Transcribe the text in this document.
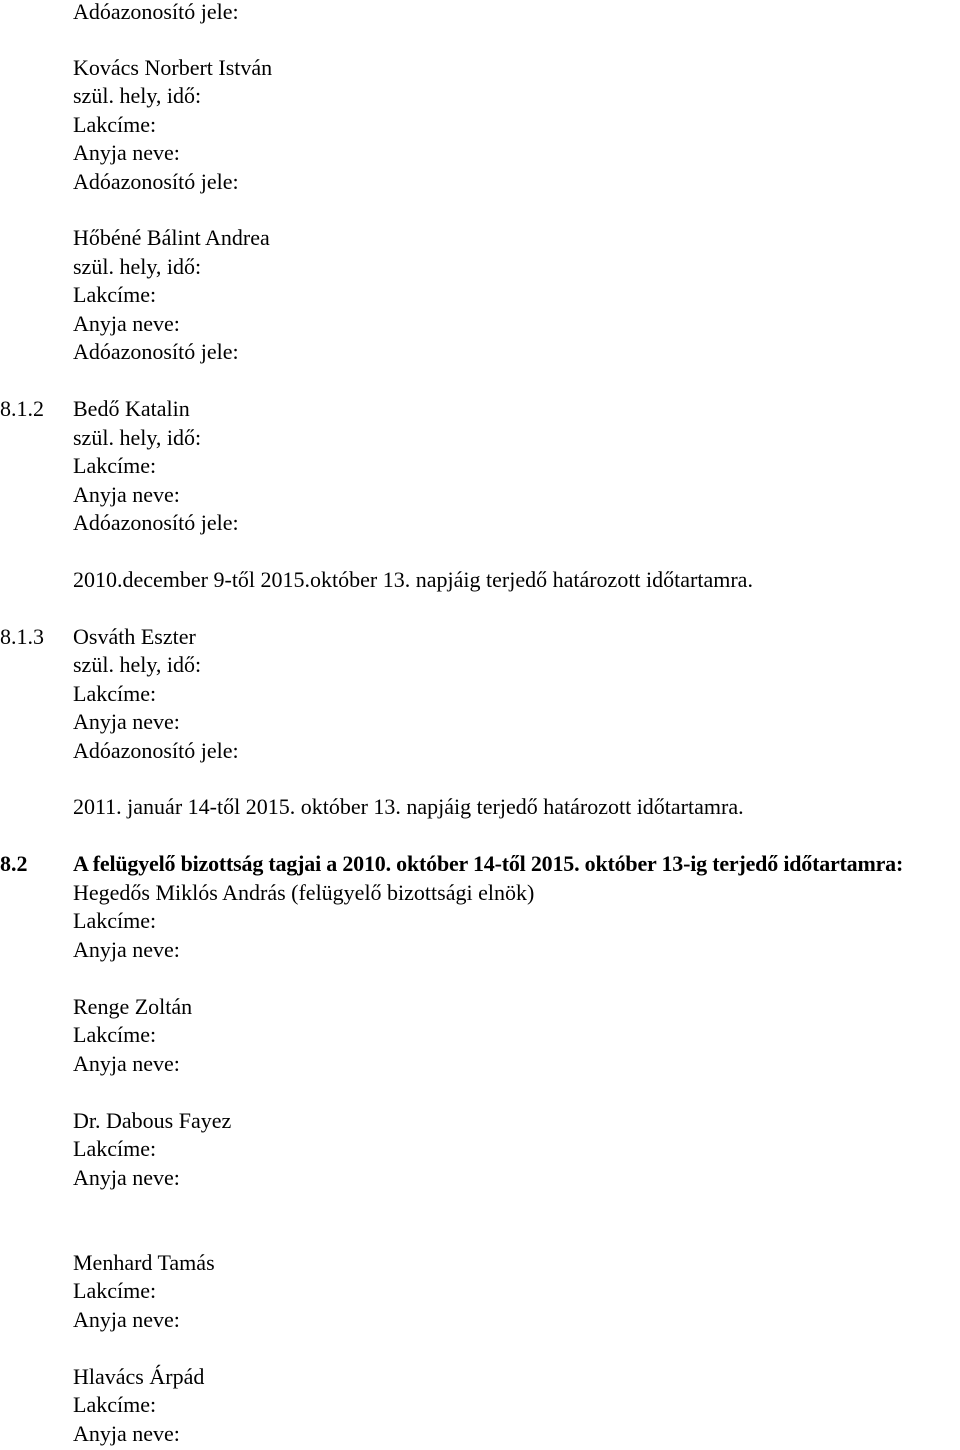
Adóazonosító jele:
Kovács Norbert István
szül. hely, idő:
Lakcíme:
Anyja neve:
Adóazonosító jele:
Hőbéné Bálint Andrea
szül. hely, idő:
Lakcíme:
Anyja neve:
Adóazonosító jele:
8.1.2 Bedő Katalin
szül. hely, idő:
Lakcíme:
Anyja neve:
Adóazonosító jele:
2010.december 9-től 2015.október 13. napjáig terjedő határozott időtartamra.
8.1.3 Osváth Eszter
szül. hely, idő:
Lakcíme:
Anyja neve:
Adóazonosító jele:
2011. január 14-től 2015. október 13. napjáig terjedő határozott időtartamra.
8.2 A felügyelő bizottság tagjai a 2010. október 14-től 2015. október 13-ig terjedő időtartamra:
Hegedős Miklós András (felügyelő bizottsági elnök)
Lakcíme:
Anyja neve:
Renge Zoltán
Lakcíme:
Anyja neve:
Dr. Dabous Fayez
Lakcíme:
Anyja neve:
Menhard Tamás
Lakcíme:
Anyja neve:
Hlavács Árpád
Lakcíme:
Anyja neve:
